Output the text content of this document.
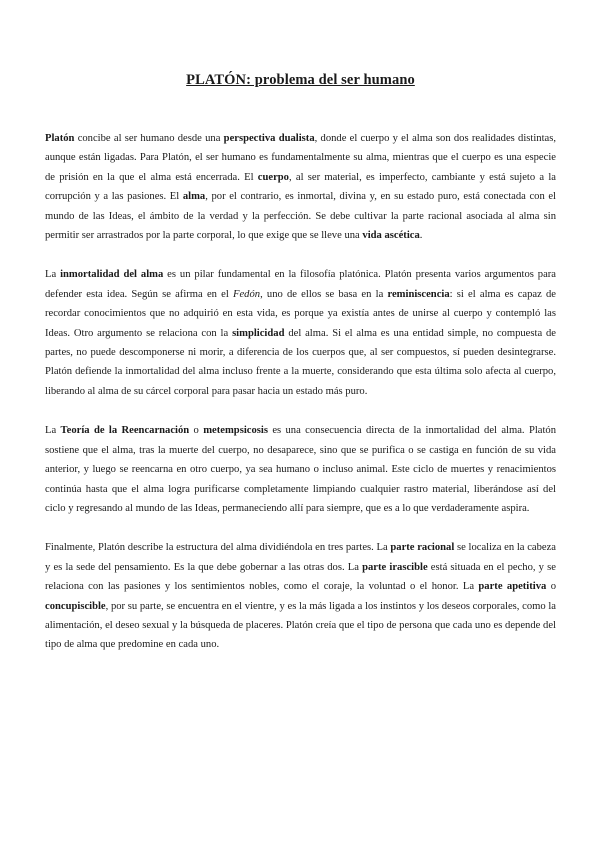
PLATÓN: problema del ser humano

Platón concibe al ser humano desde una perspectiva dualista, donde el cuerpo y el alma son dos realidades distintas, aunque están ligadas. Para Platón, el ser humano es fundamentalmente su alma, mientras que el cuerpo es una especie de prisión en la que el alma está encerrada. El cuerpo, al ser material, es imperfecto, cambiante y está sujeto a la corrupción y a las pasiones. El alma, por el contrario, es inmortal, divina y, en su estado puro, está conectada con el mundo de las Ideas, el ámbito de la verdad y la perfección. Se debe cultivar la parte racional asociada al alma sin permitir ser arrastrados por la parte corporal, lo que exige que se lleve una vida ascética.

La inmortalidad del alma es un pilar fundamental en la filosofía platónica. Platón presenta varios argumentos para defender esta idea. Según se afirma en el Fedón, uno de ellos se basa en la reminiscencia: si el alma es capaz de recordar conocimientos que no adquirió en esta vida, es porque ya existía antes de unirse al cuerpo y contempló las Ideas. Otro argumento se relaciona con la simplicidad del alma. Si el alma es una entidad simple, no compuesta de partes, no puede descomponerse ni morir, a diferencia de los cuerpos que, al ser compuestos, sí pueden desintegrarse. Platón defiende la inmortalidad del alma incluso frente a la muerte, considerando que esta última solo afecta al cuerpo, liberando al alma de su cárcel corporal para pasar hacia un estado más puro.

La Teoría de la Reencarnación o metempsicosis es una consecuencia directa de la inmortalidad del alma. Platón sostiene que el alma, tras la muerte del cuerpo, no desaparece, sino que se purifica o se castiga en función de su vida anterior, y luego se reencarna en otro cuerpo, ya sea humano o incluso animal. Este ciclo de muertes y renacimientos continúa hasta que el alma logra purificarse completamente limpiando cualquier rastro material, liberándose así del ciclo y regresando al mundo de las Ideas, permaneciendo allí para siempre, que es a lo que verdaderamente aspira.

Finalmente, Platón describe la estructura del alma dividiéndola en tres partes. La parte racional se localiza en la cabeza y es la sede del pensamiento. Es la que debe gobernar a las otras dos. La parte irascible está situada en el pecho, y se relaciona con las pasiones y los sentimientos nobles, como el coraje, la voluntad o el honor. La parte apetitiva o concupiscible, por su parte, se encuentra en el vientre, y es la más ligada a los instintos y los deseos corporales, como la alimentación, el deseo sexual y la búsqueda de placeres. Platón creía que el tipo de persona que cada uno es depende del tipo de alma que predomine en cada uno.
